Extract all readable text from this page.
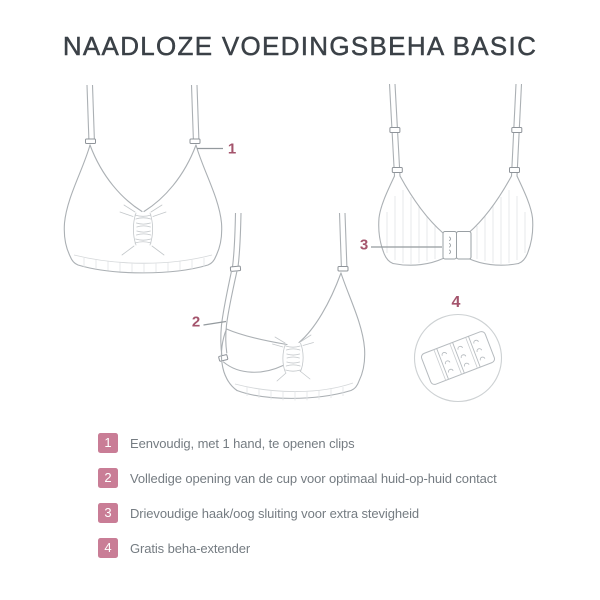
NAADLOZE VOEDINGSBEHA BASIC
1
2
3
4
1	Eenvoudig, met 1 hand, te openen clips
2	Volledige opening van de cup voor optimaal huid-op-huid contact
3	Drievoudige haak/oog sluiting voor extra stevigheid
4	Gratis beha-extender
